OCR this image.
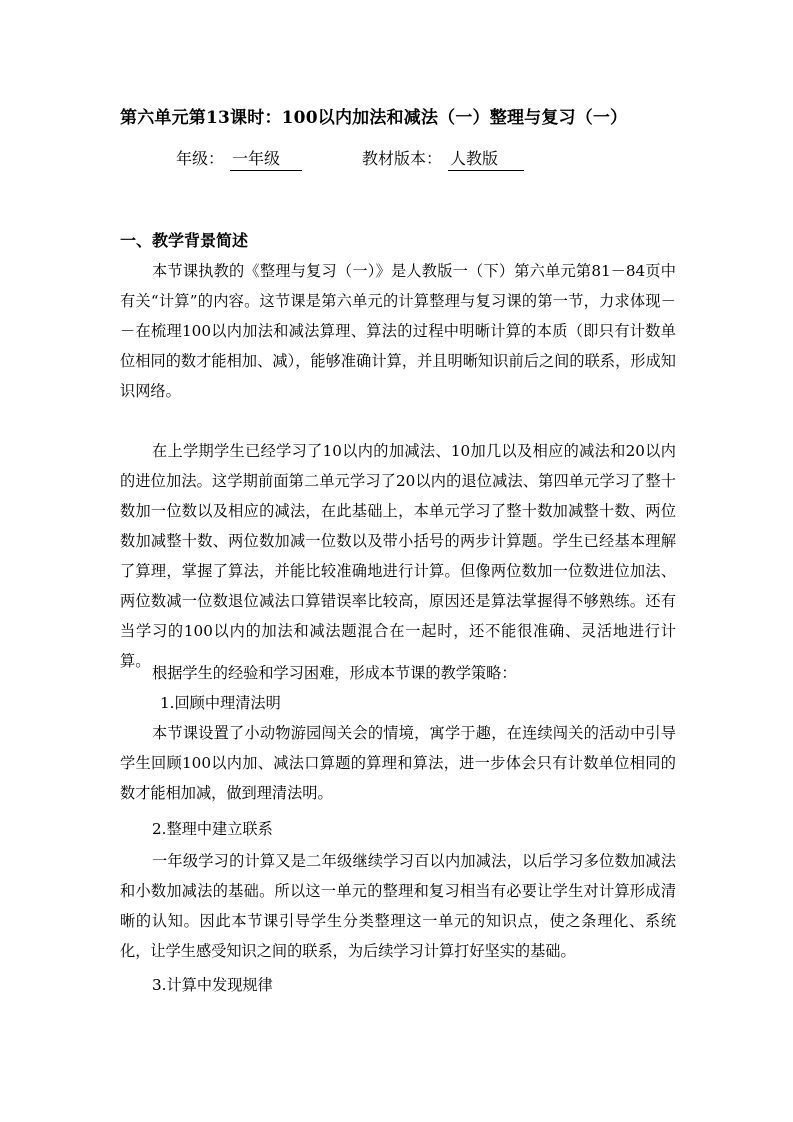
第六单元第13课时：100以内加法和减法（一）整理与复习（一）
年级： 一年级	教材版本： 人教版
一、教学背景简述
本节课执教的《整理与复习（一）》是人教版一（下）第六单元第81－84页中有关“计算”的内容。这节课是第六单元的计算整理与复习课的第一节，力求体现－－在梳理100以内加法和减法算理、算法的过程中明晰计算的本质（即只有计数单位相同的数才能相加、减），能够准确计算，并且明晰知识前后之间的联系，形成知识网络。
在上学期学生已经学习了10以内的加减法、10加几以及相应的减法和20以内的进位加法。这学期前面第二单元学习了20以内的退位减法、第四单元学习了整十数加一位数以及相应的减法，在此基础上，本单元学习了整十数加减整十数、两位数加减整十数、两位数加减一位数以及带小括号的两步计算题。学生已经基本理解了算理，掌握了算法，并能比较准确地进行计算。但像两位数加一位数进位加法、两位数减一位数退位减法口算错误率比较高，原因还是算法掌握得不够熟练。还有当学习的100以内的加法和减法题混合在一起时，还不能很准确、灵活地进行计算。
根据学生的经验和学习困难，形成本节课的教学策略：
1.回顾中理清法明
本节课设置了小动物游园闯关会的情境，寓学于趣，在连续闯关的活动中引导学生回顾100以内加、减法口算题的算理和算法，进一步体会只有计数单位相同的数才能相加减，做到理清法明。
2.整理中建立联系
一年级学习的计算又是二年级继续学习百以内加减法，以后学习多位数加减法和小数加减法的基础。所以这一单元的整理和复习相当有必要让学生对计算形成清晰的认知。因此本节课引导学生分类整理这一单元的知识点，使之条理化、系统化，让学生感受知识之间的联系，为后续学习计算打好坚实的基础。
3.计算中发现规律
